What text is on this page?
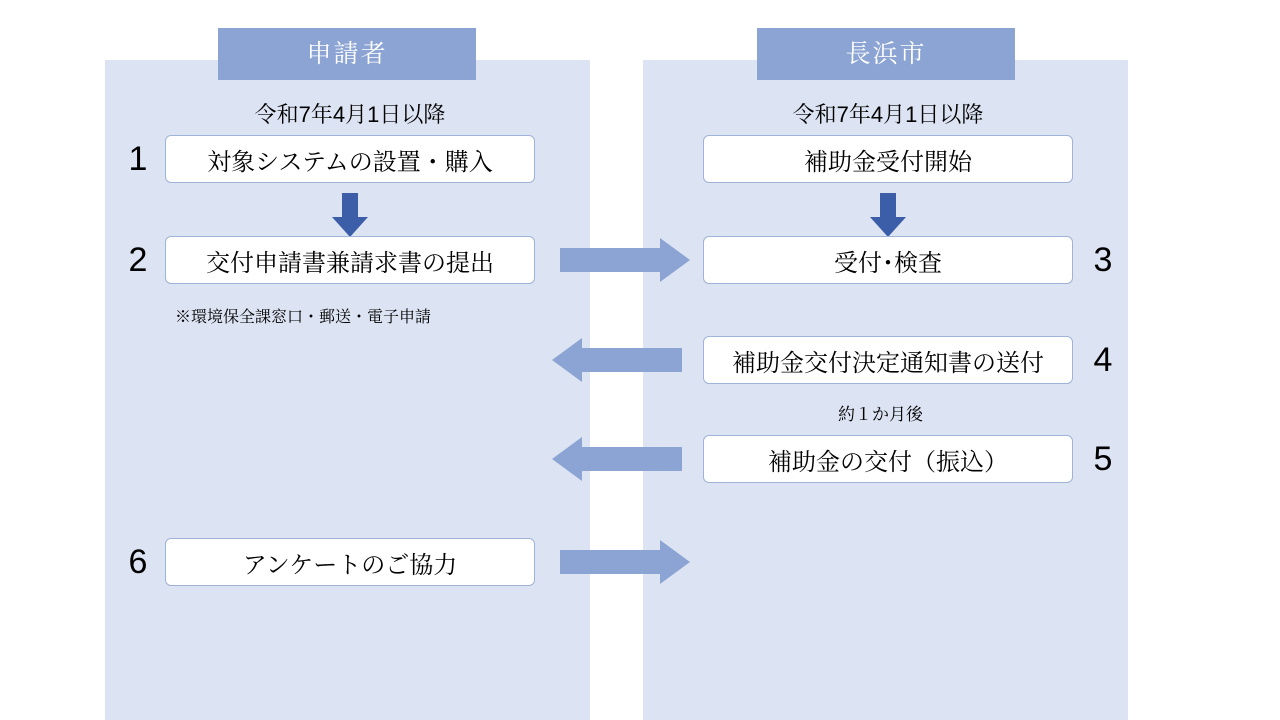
申請者	長浜市
令和7年4月1日以降	令和7年4月1日以降
1	対象システムの設置・購入
2	交付申請書兼請求書の提出
※環境保全課窓口・郵送・電子申請
6	アンケートのご協力
補助金受付開始
受付･検査	3
補助金交付決定通知書の送付	4
約１か月後
補助金の交付（振込）	5
